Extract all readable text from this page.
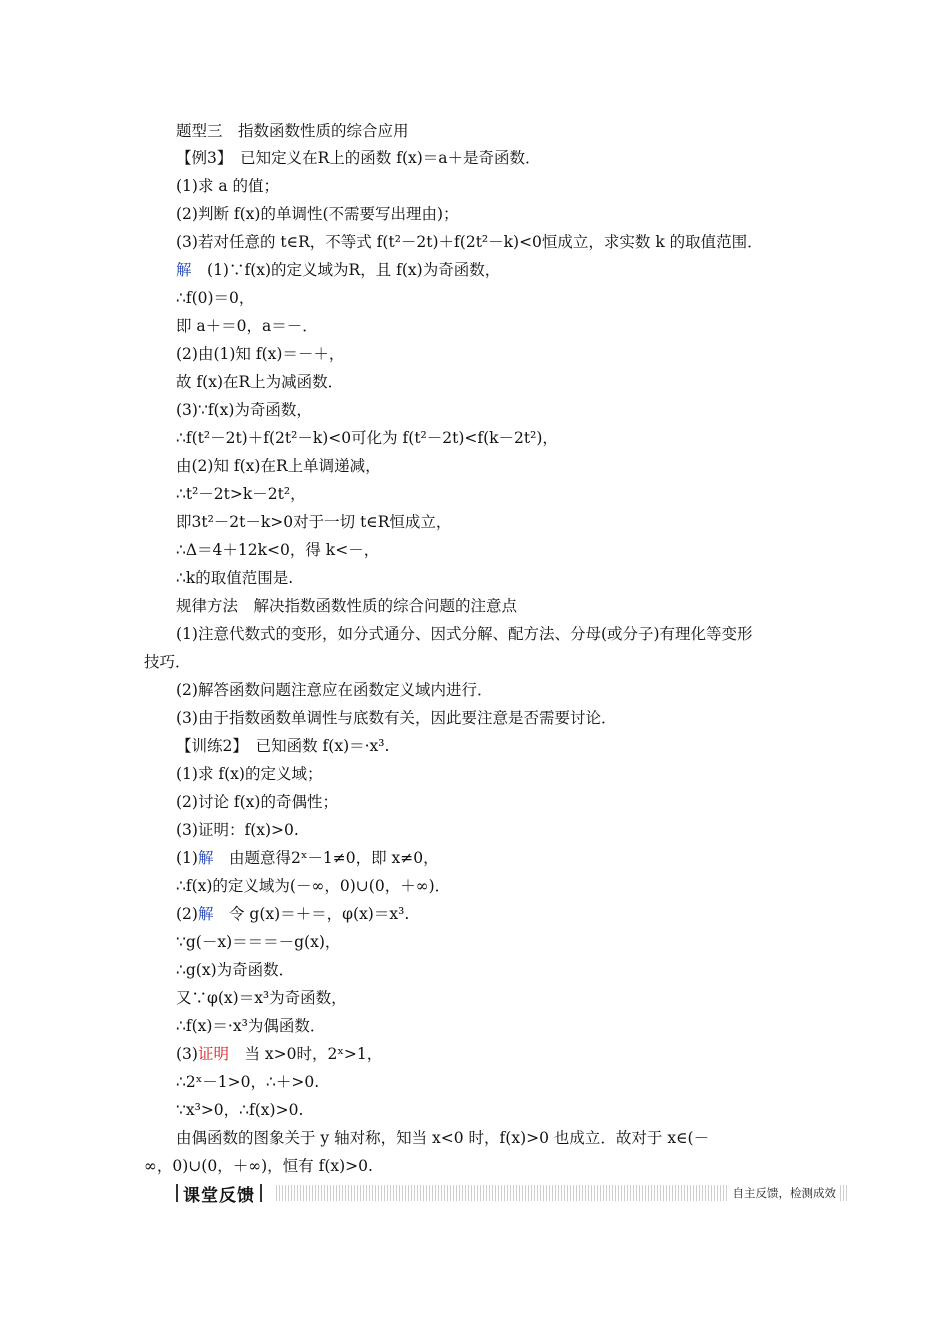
题型三　指数函数性质的综合应用
【例3】　已知定义在R上的函数 f(x)＝a＋是奇函数．
(1)求 a 的值；
(2)判断 f(x)的单调性(不需要写出理由)；
(3)若对任意的 t∈R，不等式 f(t²－2t)＋f(2t²－k)<0恒成立，求实数 k 的取值范围．
解　(1)∵f(x)的定义域为R，且 f(x)为奇函数，
∴f(0)＝0，
即 a＋＝0，a＝－．
(2)由(1)知 f(x)＝－＋，
故 f(x)在R上为减函数．
(3)∵f(x)为奇函数，
∴f(t²－2t)＋f(2t²－k)<0可化为 f(t²－2t)<f(k－2t²)，
由(2)知 f(x)在R上单调递减，
∴t²－2t>k－2t²，
即3t²－2t－k>0对于一切 t∈R恒成立，
∴Δ＝4＋12k<0，得 k<－，
∴k的取值范围是.
规律方法　解决指数函数性质的综合问题的注意点
(1)注意代数式的变形，如分式通分、因式分解、配方法、分母(或分子)有理化等变形
技巧．
(2)解答函数问题注意应在函数定义域内进行．
(3)由于指数函数单调性与底数有关，因此要注意是否需要讨论．
【训练2】　已知函数 f(x)＝·x³.
(1)求 f(x)的定义域；
(2)讨论 f(x)的奇偶性；
(3)证明：f(x)>0.
(1)解　由题意得2ˣ－1≠0，即 x≠0，
∴f(x)的定义域为(－∞，0)∪(0，＋∞)．
(2)解　令 g(x)＝＋＝，φ(x)＝x³.
∵g(－x)＝＝＝－g(x)，
∴g(x)为奇函数．
又∵φ(x)＝x³为奇函数，
∴f(x)＝·x³为偶函数．
(3)证明　当 x>0时，2ˣ>1，
∴2ˣ－1>0，∴＋>0.
∵x³>0，∴f(x)>0.
由偶函数的图象关于 y 轴对称，知当 x<0 时，f(x)>0 也成立．故对于 x∈(－
∞，0)∪(0，＋∞)，恒有 f(x)>0.
课堂反馈	自主反馈，检测成效
